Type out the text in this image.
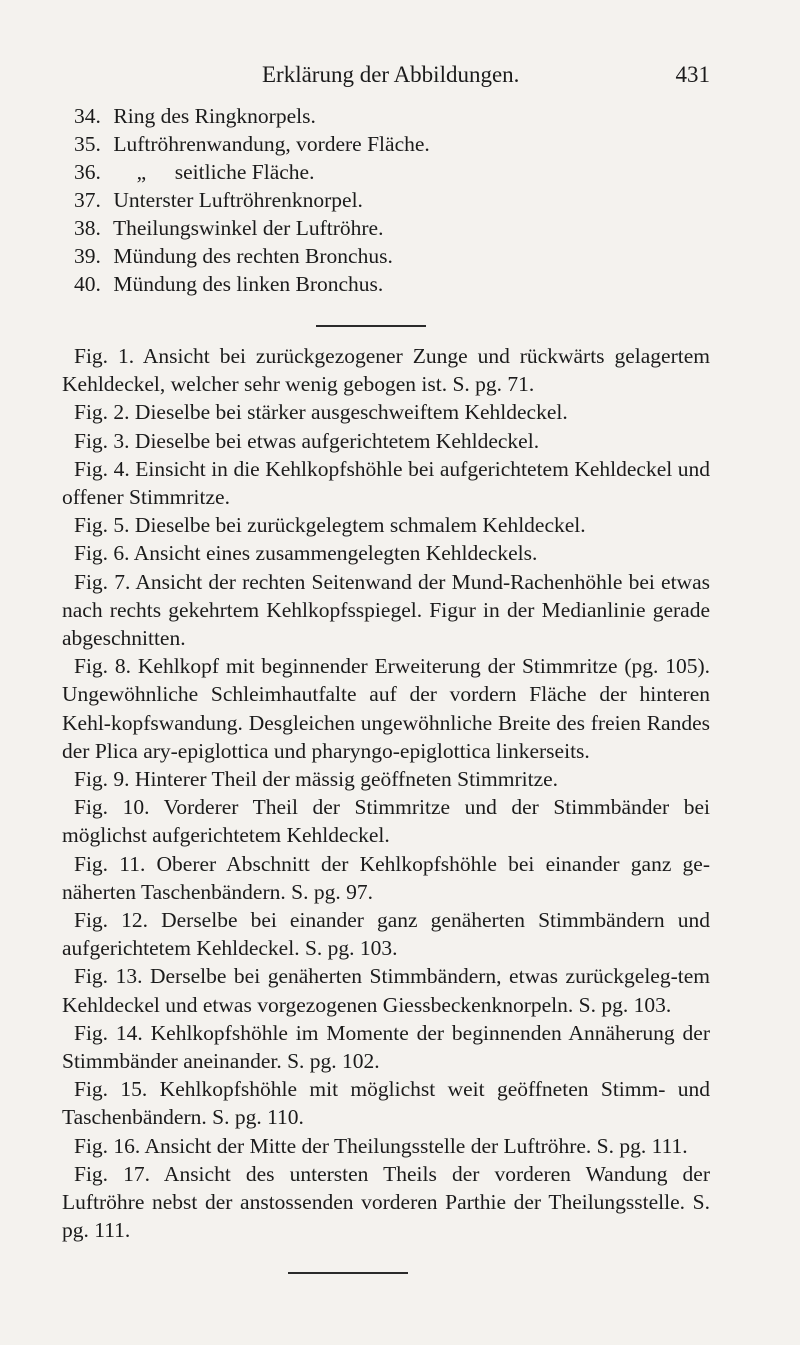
Erklärung der Abbildungen.	431
34. Ring des Ringknorpels.
35. Luftröhrenwandung, vordere Fläche.
36. „ seitliche Fläche.
37. Unterster Luftröhrenknorpel.
38. Theilungswinkel der Luftröhre.
39. Mündung des rechten Bronchus.
40. Mündung des linken Bronchus.

Fig. 1. Ansicht bei zurückgezogener Zunge und rückwärts gelagertem Kehldeckel, welcher sehr wenig gebogen ist. S. pg. 71.

Fig. 2. Dieselbe bei stärker ausgeschweiftem Kehldeckel.

Fig. 3. Dieselbe bei etwas aufgerichtetem Kehldeckel.

Fig. 4. Einsicht in die Kehlkopfshöhle bei aufgerichtetem Kehldeckel und offener Stimmritze.

Fig. 5. Dieselbe bei zurückgelegtem schmalem Kehldeckel.

Fig. 6. Ansicht eines zusammengelegten Kehldeckels.

Fig. 7. Ansicht der rechten Seitenwand der Mund-Rachenhöhle bei etwas nach rechts gekehrtem Kehlkopfsspiegel. Figur in der Medianlinie gerade abgeschnitten.

Fig. 8. Kehlkopf mit beginnender Erweiterung der Stimmritze (pg. 105). Ungewöhnliche Schleimhautfalte auf der vordern Fläche der hinteren Kehl-kopfswandung. Desgleichen ungewöhnliche Breite des freien Randes der Plica ary-epiglottica und pharyngo-epiglottica linkerseits.

Fig. 9. Hinterer Theil der mässig geöffneten Stimmritze.

Fig. 10. Vorderer Theil der Stimmritze und der Stimmbänder bei möglichst aufgerichtetem Kehldeckel.

Fig. 11. Oberer Abschnitt der Kehlkopfshöhle bei einander ganz ge-näherten Taschenbändern. S. pg. 97.

Fig. 12. Derselbe bei einander ganz genäherten Stimmbändern und aufgerichtetem Kehldeckel. S. pg. 103.

Fig. 13. Derselbe bei genäherten Stimmbändern, etwas zurückgeleg-tem Kehldeckel und etwas vorgezogenen Giessbeckenknorpeln. S. pg. 103.

Fig. 14. Kehlkopfshöhle im Momente der beginnenden Annäherung der Stimmbänder aneinander. S. pg. 102.

Fig. 15. Kehlkopfshöhle mit möglichst weit geöffneten Stimm- und Taschenbändern. S. pg. 110.

Fig. 16. Ansicht der Mitte der Theilungsstelle der Luftröhre. S. pg. 111.

Fig. 17. Ansicht des untersten Theils der vorderen Wandung der Luftröhre nebst der anstossenden vorderen Parthie der Theilungsstelle. S. pg. 111.
